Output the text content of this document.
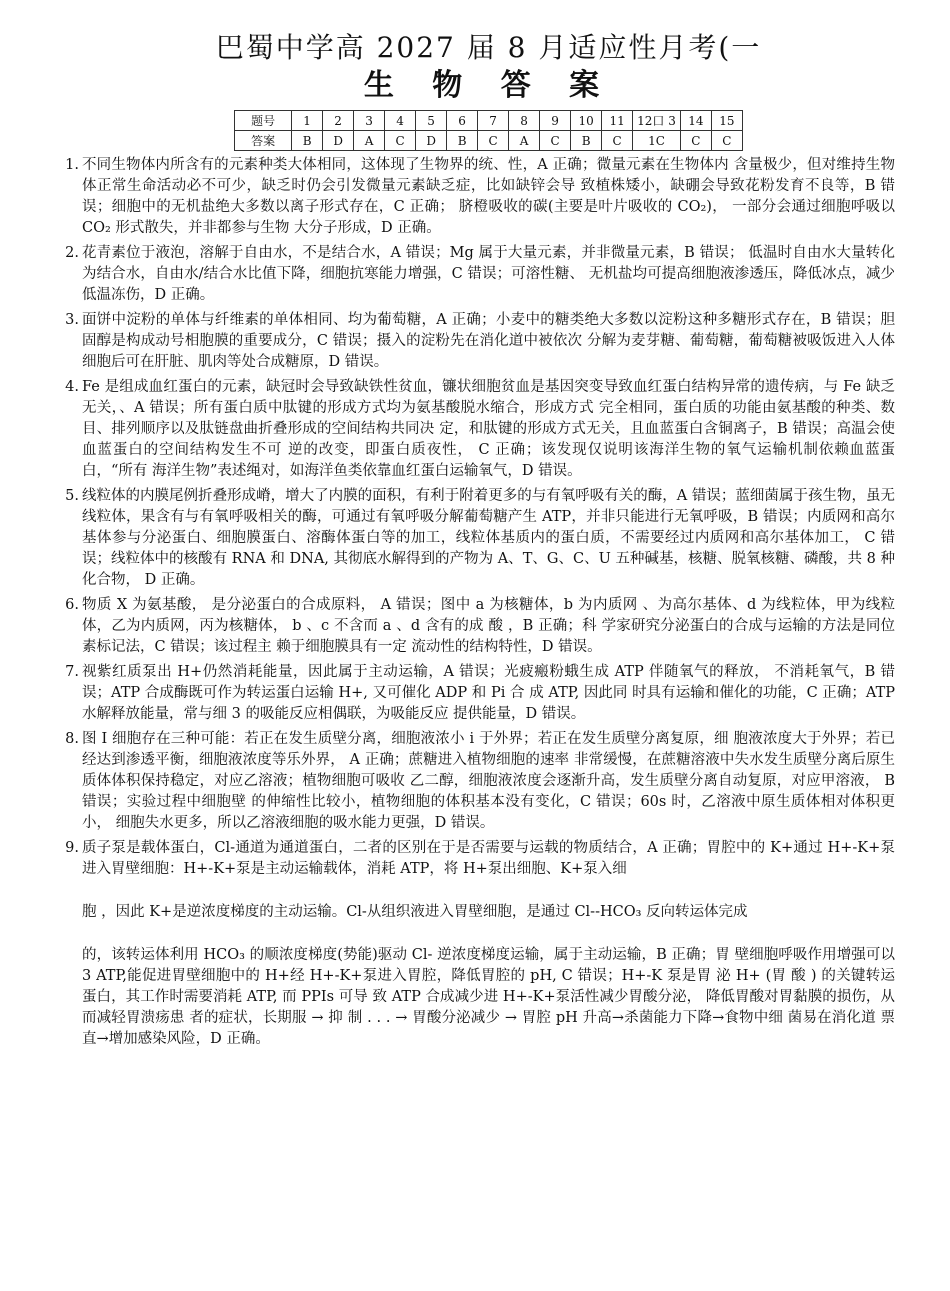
巴蜀中学高 2027 届 8 月适应性月考(一
生 物 答 案
题号	1	2	3	4	5	6	7	8	9	10	11	12口 3	14	15
答案	B	D	A	C	D	B	C	A	C	B	C	1C	C	C
1. 不同生物体内所含有的元素种类大体相同，这体现了生物界的统、性，A 正确；微量元素在生物体内 含量极少，但对维持生物体正常生命活动必不可少，缺乏时仍会引发微量元素缺乏症，比如缺锌会导 致植株矮小，缺硼会导致花粉发育不良等，B 错误；细胞中的无机盐绝大多数以离子形式存在，C 正确； 脐橙吸收的碳(主要是叶片吸收的 CO₂)， 一部分会通过细胞呼吸以 CO₂ 形式散失，并非都参与生物 大分子形成，D 正确。
2. 花青素位于液泡，溶解于自由水，不是结合水，A 错误；Mg 属于大量元素，并非微量元素，B 错误； 低温时自由水大量转化为结合水，自由水/结合水比值下降，细胞抗寒能力增强，C 错误；可溶性糖、 无机盐均可提高细胞液渗透压，降低冰点，减少低温冻伤，D 正确。
3. 面饼中淀粉的单体与纤维素的单体相同、均为葡萄糖，A 正确；小麦中的糖类绝大多数以淀粉这种多糖形式存在，B 错误；胆固醇是构成动号相胞膜的重要成分，C 错误；摄入的淀粉先在消化道中被依次 分解为麦芽糖、葡萄糖，葡萄糖被吸饭进入人体细胞后可在肝脏、肌肉等处合成糖原，D 错误。
4. Fe 是组成血红蛋白的元素，缺冠时会导致缺铁性贫血，镰状细胞贫血是基因突变导致血红蛋白结构异常的遗传病，与 Fe 缺乏无关，、A 错误；所有蛋白质中肽键的形成方式均为氨基酸脱水缩合，形成方式 完全相同，蛋白质的功能由氨基酸的种类、数目、排列顺序以及肽链盘曲折叠形成的空间结构共同决 定，和肽键的形成方式无关，且血蓝蛋白含铜离子，B 错误；高温会使血蓝蛋白的空间结构发生不可 逆的改变，即蛋白质夜性， C 正确；该发现仅说明该海洋生物的氧气运输机制依赖血蓝蛋白，“所有 海洋生物”表述绳对，如海洋鱼类依靠血红蛋白运输氧气，D 错误。
5. 线粒体的内膜尾例折叠形成嵴，增大了内膜的面积，有利于附着更多的与有氧呼吸有关的酶，A 错误；蓝细菌属于孩生物，虽无线粒体，果含有与有氧呼吸相关的酶，可通过有氧呼吸分解葡萄糖产生 ATP，并非只能进行无氧呼吸，B 错误；内质网和高尔基体参与分泌蛋白、细胞膜蛋白、溶酶体蛋白等的加工，线粒体基质内的蛋白质，不需要经过内质网和高尔基体加工， C 错误；线粒体中的核酸有 RNA 和 DNA, 其彻底水解得到的产物为 A、T、G、C、U 五种碱基，核糖、脱氧核糖、磷酸，共 8 种化合物， D 正确。
6. 物质 X 为氨基酸， 是分泌蛋白的合成原料， A 错误；图中 a 为核糖体，b 为内质网 、为高尔基体、d 为线粒体，甲为线粒体，乙为内质网，丙为核糖体， b 、c 不含而 a 、d 含有的成 酸 ，B 正确；科 学家研究分泌蛋白的合成与运输的方法是同位素标记法，C 错误；该过程主 赖于细胞膜具有一定 流动性的结构特性，D 错误。
7. 视紫红质泵出 H+仍然消耗能量，因此属于主动运输，A 错误；光疲瘢粉蛾生成 ATP 伴随氧气的释放， 不消耗氧气，B 错误；ATP 合成酶既可作为转运蛋白运输 H+, 又可催化 ADP 和 Pi 合 成 ATP, 因此同 时具有运输和催化的功能，C 正确；ATP 水解释放能量，常与细 3 的吸能反应相偶联，为吸能反应 提供能量，D 错误。
8. 图 I 细胞存在三种可能：若正在发生质壁分离，细胞液浓小 i 于外界；若正在发生质壁分离复原，细 胞液浓度大于外界；若已经达到渗透平衡，细胞液浓度等乐外界， A 正确；蔗糖进入植物细胞的速率 非常缓慢，在蔗糖溶液中失水发生质壁分离后原生质体体积保持稳定，对应乙溶液；植物细胞可吸收 乙二醇，细胞液浓度会逐渐升高，发生质壁分离自动复原，对应甲溶液， B 错误；实验过程中细胞壁 的伸缩性比较小，植物细胞的体积基本没有变化，C 错误；60s 时，乙溶液中原生质体相对体积更小， 细胞失水更多，所以乙溶液细胞的吸水能力更强，D 错误。
9. 质子泵是载体蛋白，Cl-通道为通道蛋白，二者的区别在于是否需要与运载的物质结合，A 正确；胃腔中的 K+通过 H+-K+泵进入胃壁细胞：H+-K+泵是主动运输载体，消耗 ATP，将 H+泵出细胞、K+泵入细
胞 ，因此 K+是逆浓度梯度的主动运输。Cl-从组织液进入胃壁细胞，是通过 Cl--HCO₃ 反向转运体完成
的，该转运体利用 HCO₃ 的顺浓度梯度(势能)驱动 Cl- 逆浓度梯度运输，属于主动运输，B 正确；胃 壁细胞呼吸作用增强可以 3 ATP,能促进胃壁细胞中的 H+经 H+-K+泵进入胃腔，降低胃腔的 pH, C 错误；H+-K 泵是胃 泌 H+ (胃 酸 ) 的关键转运蛋白，其工作时需要消耗 ATP, 而 PPIs 可导 致 ATP 合成减少进 H+-K+泵活性减少胃酸分泌， 降低胃酸对胃黏膜的损伤，从而减轻胃溃疡患 者的症状，长期服 → 抑 制 . . . → 胃酸分泌减少 → 胃腔 pH 升高→杀菌能力下降→食物中细 菌易在消化道 票直→增加感染风险，D 正确。
